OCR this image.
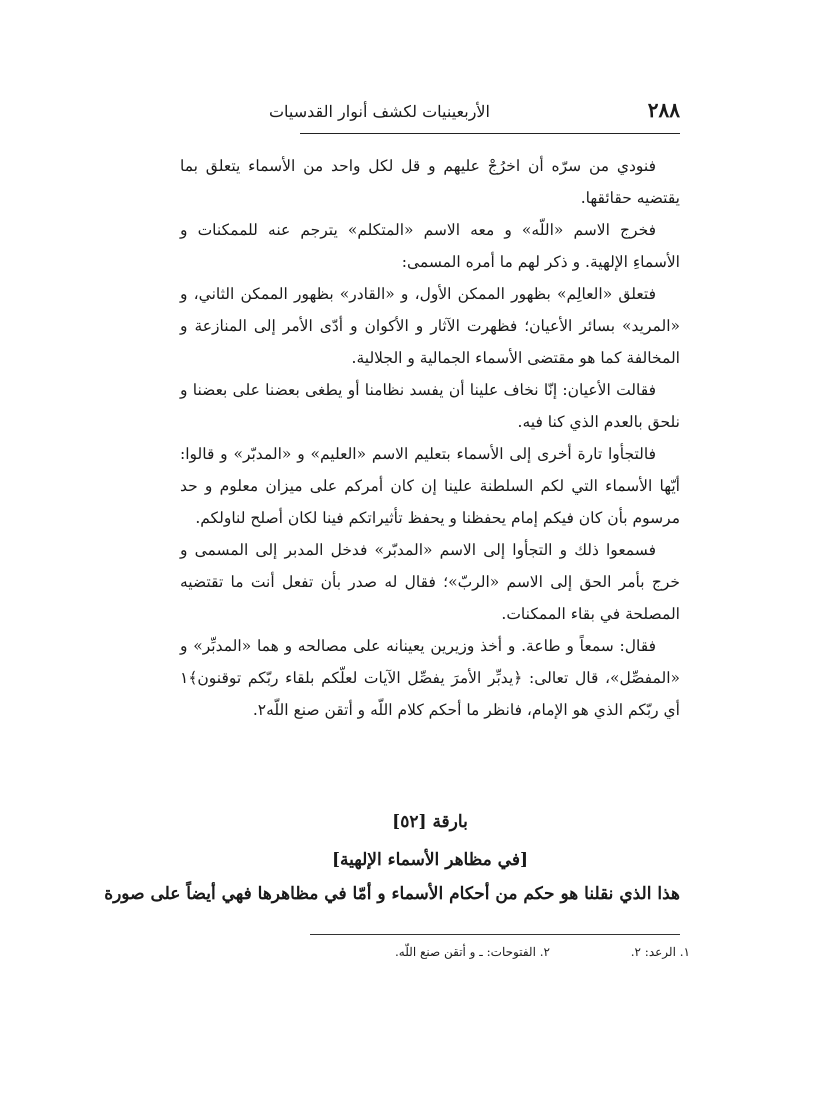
٢٨٨
الأربعينيات لكشف أنوار القدسيات

فنودي من سرّه أن اخرُجْ عليهم و قل لكل واحد من الأسماء يتعلق بما يقتضيه حقائقها.

فخرج الاسم «اللّه» و معه الاسم «المتكلم» يترجم عنه للممكنات و الأسماءِ الإلهية. و ذكر لهم ما أمره المسمى:

فتعلق «العالِم» بظهور الممكن الأول، و «القادر» بظهور الممكن الثاني، و «المريد» بسائر الأعيان؛ فظهرت الآثار و الأكوان و أدّى الأمر إلى المنازعة و المخالفة كما هو مقتضى الأسماء الجمالية و الجلالية.

فقالت الأعيان: إنّا نخاف علينا أن يفسد نظامنا أو يطغى بعضنا على بعضنا و نلحق بالعدم الذي كنا فيه.

فالتجأوا تارة أخرى إلى الأسماء بتعليم الاسم «العليم» و «المدبّر» و قالوا: أيّها الأسماء التي لكم السلطنة علينا إن كان أمركم على ميزان معلوم و حد مرسوم بأن كان فيكم إمام يحفظنا و يحفظ تأثيراتكم فينا لكان أصلح لناولكم.

فسمعوا ذلك و التجأوا إلى الاسم «المدبّر» فدخل المدبر إلى المسمى و خرج بأمر الحق إلى الاسم «الربّ»؛ فقال له صدر بأن تفعل أنت ما تقتضيه المصلحة في بقاء الممكنات.

فقال: سمعاً و طاعة. و أخذ وزيرين يعينانه على مصالحه و هما «المدبِّر» و «المفصِّل»، قال تعالى: ﴿يدبِّر الأمرَ يفصِّل الآيات لعلّكم بلقاء ربّكم توقنون﴾١ أي ربّكم الذي هو الإمام، فانظر ما أحكم كلام اللّه و أتقن صنع اللّه٢.

بارقة [٥٢]
[في مظاهر الأسماء الإلهية]
هذا الذي نقلنا هو حكم من أحكام الأسماء و أمّا في مظاهرها فهي أيضاً على صورة
١. الرعد: ٢.
٢. الفتوحات: ـ و أتقن صنع اللّه.
